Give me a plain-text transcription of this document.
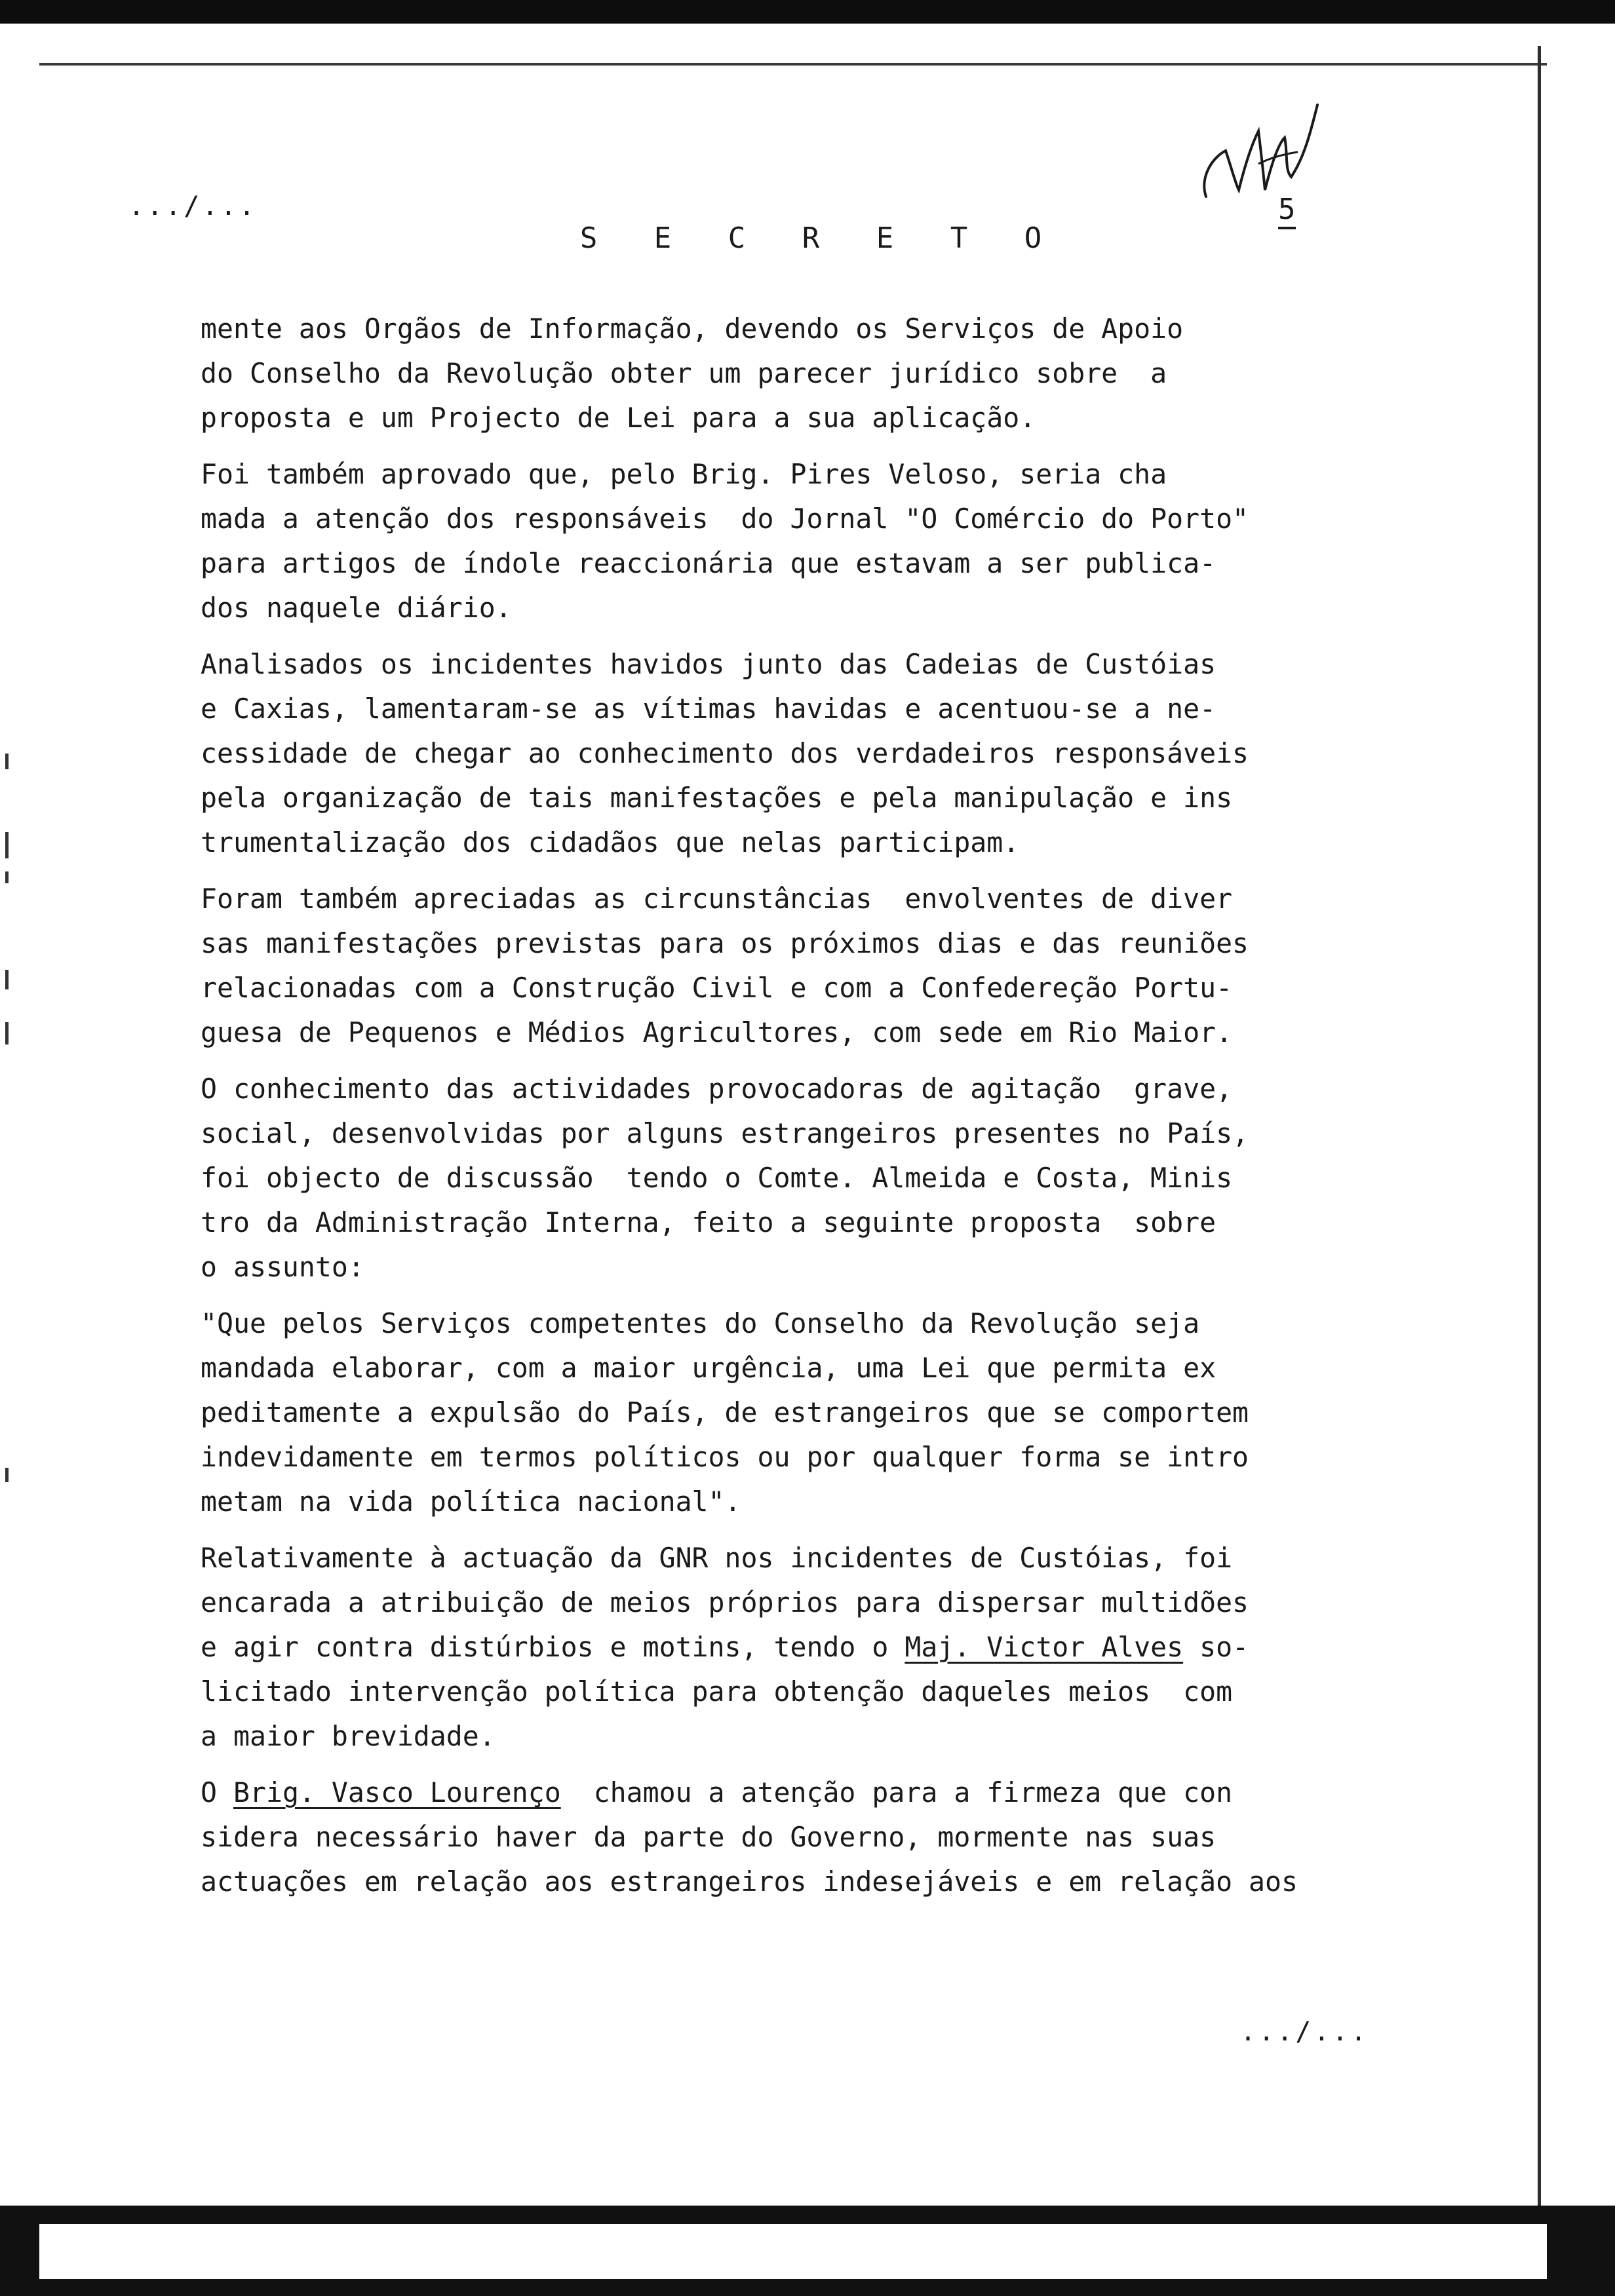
.../...
S E C R E T O
5
mente aos Orgãos de Informação, devendo os Serviços de Apoio
do Conselho da Revolução obter um parecer jurídico sobre  a
proposta e um Projecto de Lei para a sua aplicação.
Foi também aprovado que, pelo Brig. Pires Veloso, seria cha
mada a atenção dos responsáveis  do Jornal "O Comércio do Porto"
para artigos de índole reaccionária que estavam a ser publica-
dos naquele diário.
Analisados os incidentes havidos junto das Cadeias de Custóias
e Caxias, lamentaram-se as vítimas havidas e acentuou-se a ne-
cessidade de chegar ao conhecimento dos verdadeiros responsáveis
pela organização de tais manifestações e pela manipulação e ins
trumentalização dos cidadãos que nelas participam.
Foram também apreciadas as circunstâncias  envolventes de diver
sas manifestações previstas para os próximos dias e das reuniões
relacionadas com a Construção Civil e com a Confedereção Portu-
guesa de Pequenos e Médios Agricultores, com sede em Rio Maior.
O conhecimento das actividades provocadoras de agitação  grave,
social, desenvolvidas por alguns estrangeiros presentes no País,
foi objecto de discussão  tendo o Comte. Almeida e Costa, Minis
tro da Administração Interna, feito a seguinte proposta  sobre
o assunto:
"Que pelos Serviços competentes do Conselho da Revolução seja
mandada elaborar, com a maior urgência, uma Lei que permita ex
peditamente a expulsão do País, de estrangeiros que se comportem
indevidamente em termos políticos ou por qualquer forma se intro
metam na vida política nacional".
Relativamente à actuação da GNR nos incidentes de Custóias, foi
encarada a atribuição de meios próprios para dispersar multidões
e agir contra distúrbios e motins, tendo o Maj. Victor Alves so-
licitado intervenção política para obtenção daqueles meios  com
a maior brevidade.
O Brig. Vasco Lourenço  chamou a atenção para a firmeza que con
sidera necessário haver da parte do Governo, mormente nas suas
actuações em relação aos estrangeiros indesejáveis e em relação aos
.../...
